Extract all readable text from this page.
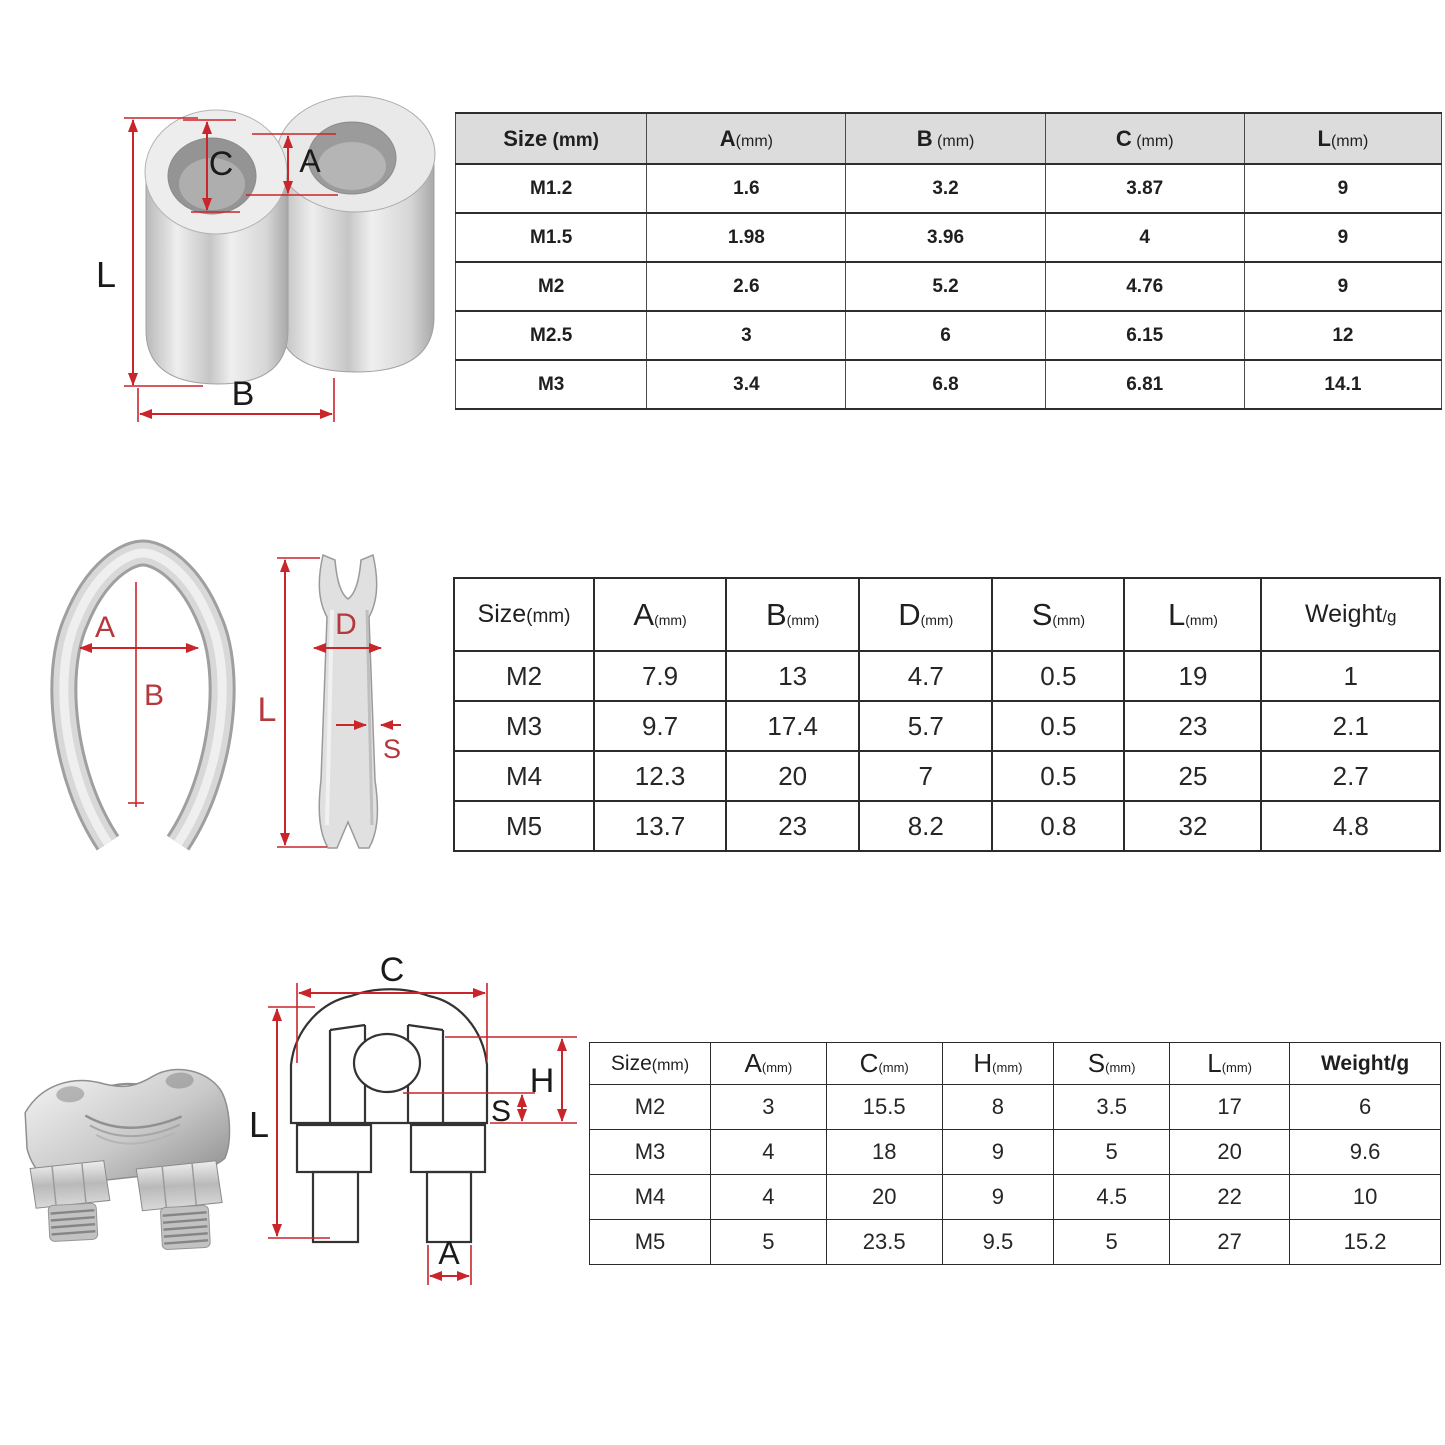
L
C A
B
Size (mm)	A(mm)	B (mm)	C (mm)	L(mm)
M1.2	1.6	3.2	3.87	9
M1.5	1.98	3.96	4	9
M2	2.6	5.2	4.76	9
M2.5	3	6	6.15	12
M3	3.4	6.8	6.81	14.1
A
B
D
L
S
Size(mm)	A(mm)	B(mm)	D(mm)	S(mm)	L(mm)	Weight/g
M2	7.9	13	4.7	0.5	19	1
M3	9.7	17.4	5.7	0.5	23	2.1
M4	12.3	20	7	0.5	25	2.7
M5	13.7	23	8.2	0.8	32	4.8
C
L
H
S
A
Size(mm)	A(mm)	C(mm)	H(mm)	S(mm)	L(mm)	Weight/g
M2	3	15.5	8	3.5	17	6
M3	4	18	9	5	20	9.6
M4	4	20	9	4.5	22	10
M5	5	23.5	9.5	5	27	15.2
